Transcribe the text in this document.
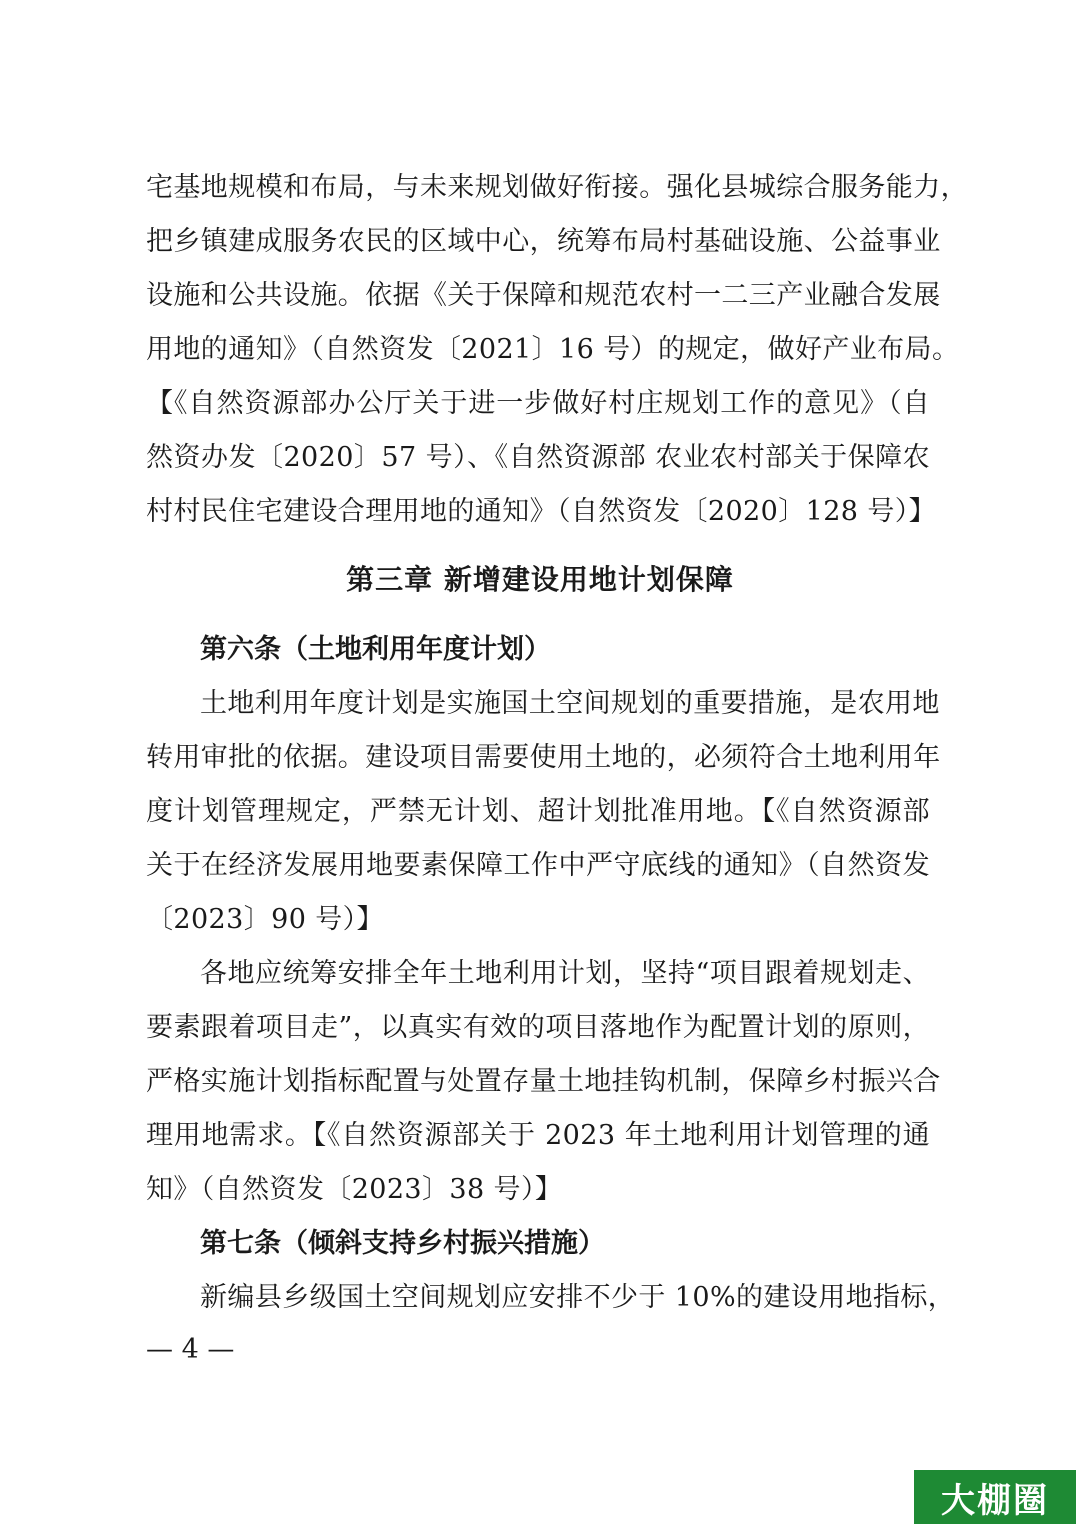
宅基地规模和布局，与未来规划做好衔接。强化县城综合服务能力，
把乡镇建成服务农民的区域中心，统筹布局村基础设施、公益事业
设施和公共设施。依据《关于保障和规范农村一二三产业融合发展
用地的通知》（自然资发〔2021〕16 号）的规定，做好产业布局。
【《自然资源部办公厅关于进一步做好村庄规划工作的意见》（自
然资办发〔2020〕57 号）、《自然资源部 农业农村部关于保障农
村村民住宅建设合理用地的通知》（自然资发〔2020〕128 号）】
第三章 新增建设用地计划保障
第六条（土地利用年度计划）
土地利用年度计划是实施国土空间规划的重要措施，是农用地
转用审批的依据。建设项目需要使用土地的，必须符合土地利用年
度计划管理规定，严禁无计划、超计划批准用地。【《自然资源部
关于在经济发展用地要素保障工作中严守底线的通知》（自然资发
〔2023〕90 号）】
各地应统筹安排全年土地利用计划，坚持“项目跟着规划走、
要素跟着项目走”，以真实有效的项目落地作为配置计划的原则，
严格实施计划指标配置与处置存量土地挂钩机制，保障乡村振兴合
理用地需求。【《自然资源部关于 2023 年土地利用计划管理的通
知》（自然资发〔2023〕38 号）】
第七条（倾斜支持乡村振兴措施）
新编县乡级国土空间规划应安排不少于 10%的建设用地指标，
— 4 —
大棚圈
